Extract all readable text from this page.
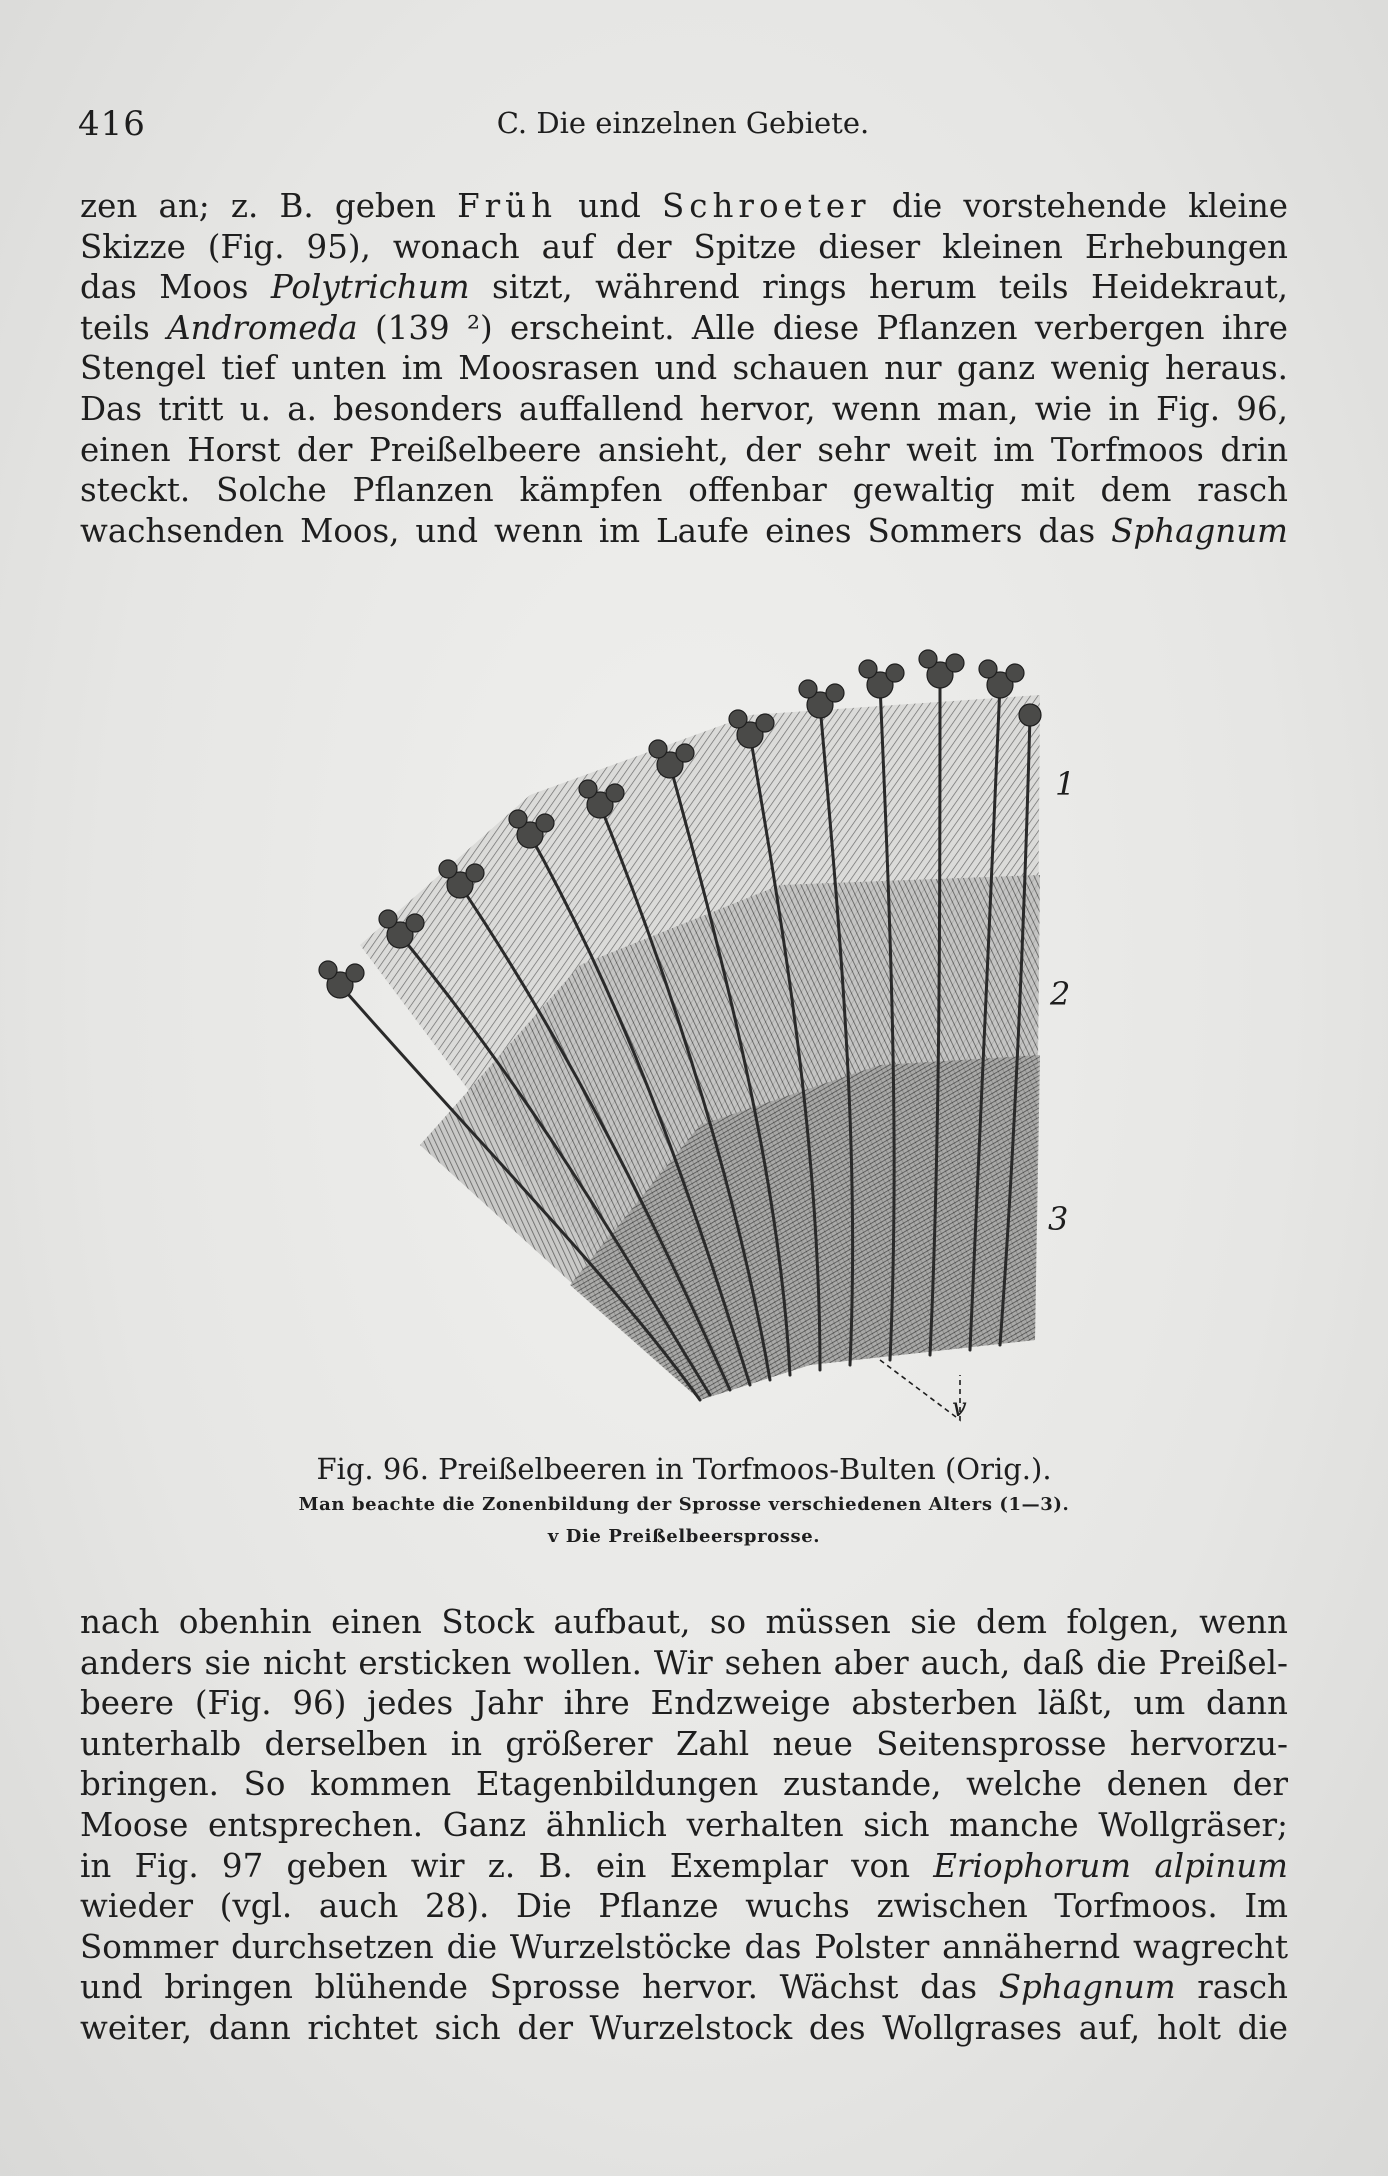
416	C. Die einzelnen Gebiete.
zen an; z. B. geben Früh und Schroeter die vorstehende kleine
Skizze (Fig. 95), wonach auf der Spitze dieser kleinen Erhebungen
das Moos Polytrichum sitzt, während rings herum teils Heidekraut,
teils Andromeda (139 ²) erscheint. Alle diese Pflanzen verbergen ihre
Stengel tief unten im Moosrasen und schauen nur ganz wenig heraus.
Das tritt u. a. besonders auffallend hervor, wenn man, wie in Fig. 96,
einen Horst der Preißelbeere ansieht, der sehr weit im Torfmoos drin
steckt. Solche Pflanzen kämpfen offenbar gewaltig mit dem rasch
wachsenden Moos, und wenn im Laufe eines Sommers das Sphagnum
1
2
3
v
Fig. 96. Preißelbeeren in Torfmoos-Bulten (Orig.).
Man beachte die Zonenbildung der Sprosse verschiedenen Alters (1—3).
v Die Preißelbeersprosse.
nach obenhin einen Stock aufbaut, so müssen sie dem folgen, wenn
anders sie nicht ersticken wollen. Wir sehen aber auch, daß die Preißel-
beere (Fig. 96) jedes Jahr ihre Endzweige absterben läßt, um dann
unterhalb derselben in größerer Zahl neue Seitensprosse hervorzu-
bringen. So kommen Etagenbildungen zustande, welche denen der
Moose entsprechen. Ganz ähnlich verhalten sich manche Wollgräser;
in Fig. 97 geben wir z. B. ein Exemplar von Eriophorum alpinum
wieder (vgl. auch 28). Die Pflanze wuchs zwischen Torfmoos. Im
Sommer durchsetzen die Wurzelstöcke das Polster annähernd wagrecht
und bringen blühende Sprosse hervor. Wächst das Sphagnum rasch
weiter, dann richtet sich der Wurzelstock des Wollgrases auf, holt die
